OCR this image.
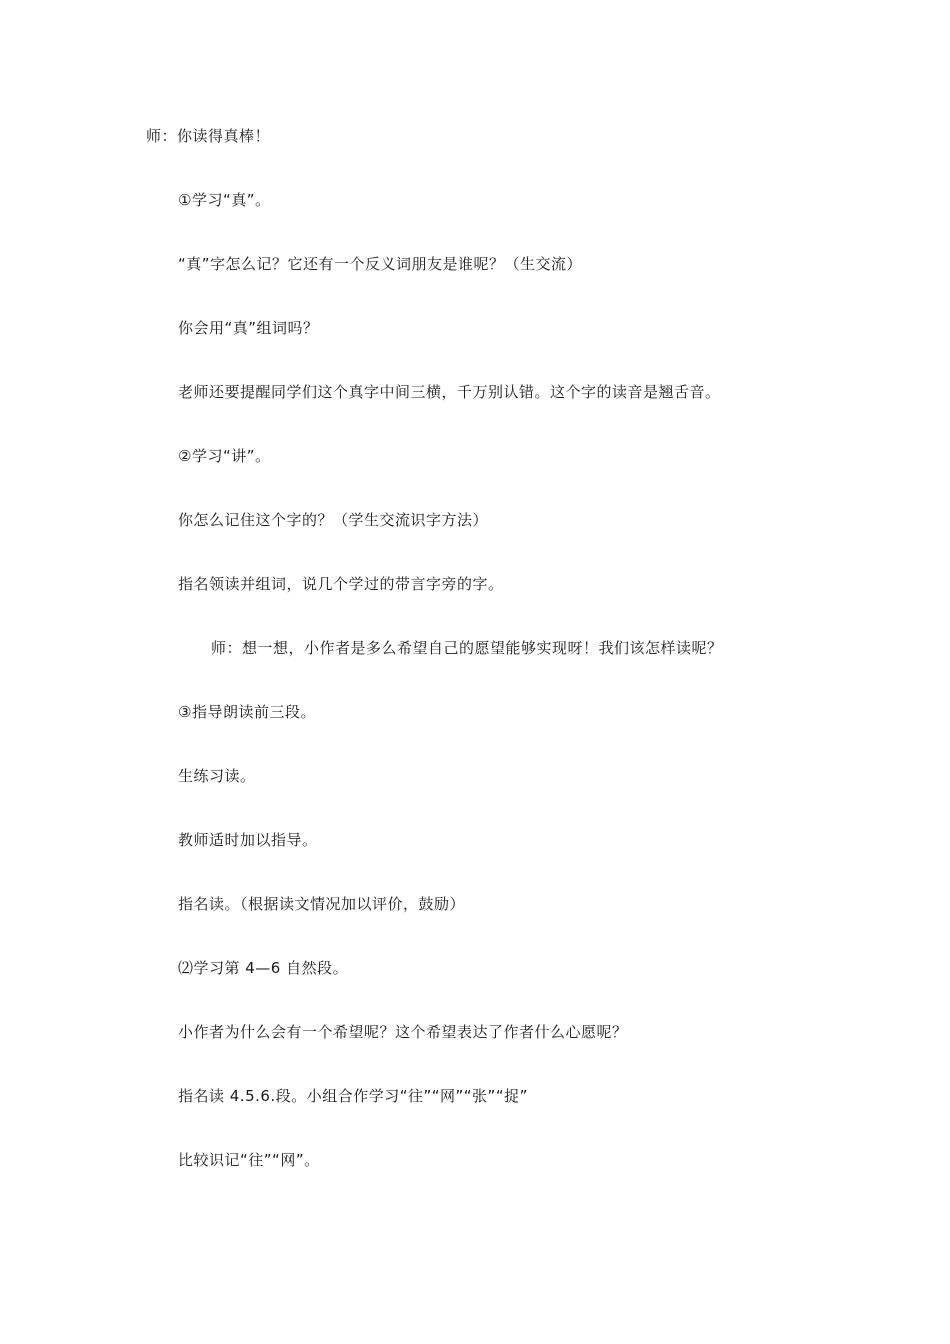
师：你读得真棒！

①学习“真”。

“真”字怎么记？它还有一个反义词朋友是谁呢？（生交流）

你会用“真”组词吗？

老师还要提醒同学们这个真字中间三横，千万别认错。这个字的读音是翘舌音。

②学习“讲”。

你怎么记住这个字的？（学生交流识字方法）

指名领读并组词，说几个学过的带言字旁的字。

师：想一想，小作者是多么希望自己的愿望能够实现呀！我们该怎样读呢？

③指导朗读前三段。

生练习读。

教师适时加以指导。

指名读。（根据读文情况加以评价，鼓励）

⑵学习第 4—6 自然段。

小作者为什么会有一个希望呢？这个希望表达了作者什么心愿呢？

指名读 4.5.6.段。小组合作学习“往”“网”“张”“捉”

比较识记“往”“网”。
